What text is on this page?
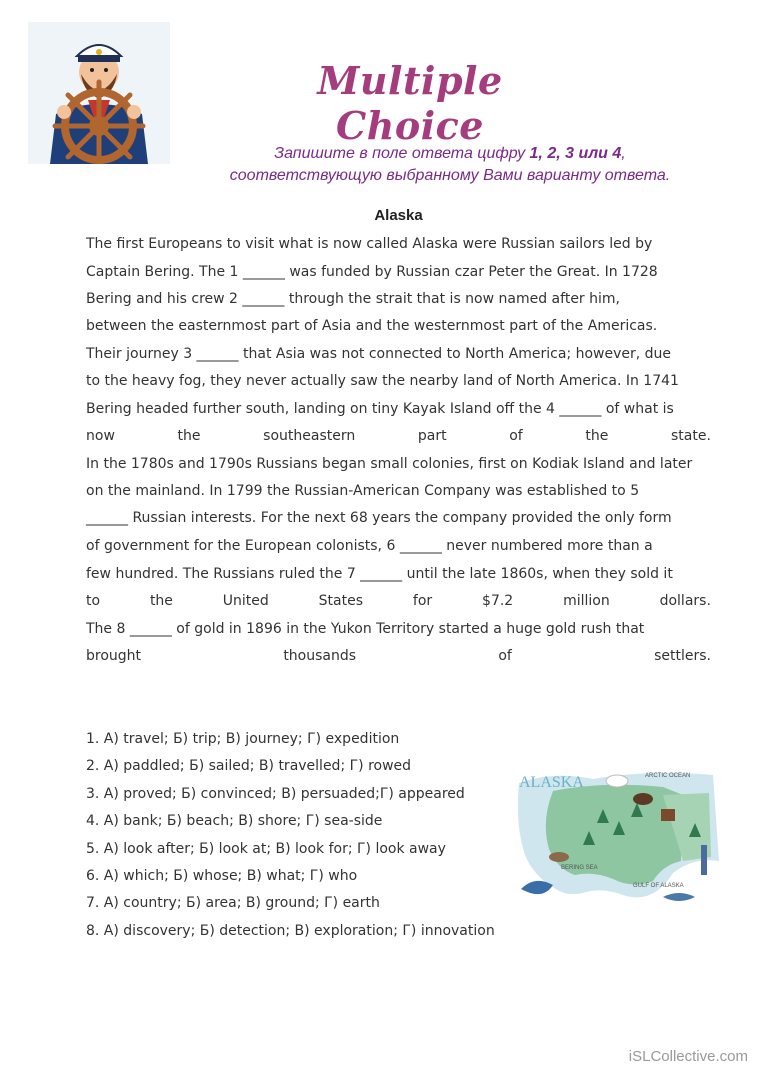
Multiple Choice
Запишите в поле ответа цифру 1, 2, 3 или 4,
соответствующую выбранному Вами варианту ответа.
Alaska
The first Europeans to visit what is now called Alaska were Russian sailors led by
Captain Bering. The 1 ______ was funded by Russian czar Peter the Great. In 1728
Bering and his crew 2 ______ through the strait that is now named after him,
between the easternmost part of Asia and the westernmost part of the Americas.
Their journey 3 ______ that Asia was not connected to North America; however, due
to the heavy fog, they never actually saw the nearby land of North America. In 1741
Bering headed further south, landing on tiny Kayak Island off the 4 ______ of what is
now	the	southeastern	part	of	the	state.
In the 1780s and 1790s Russians began small colonies, first on Kodiak Island and later
on the mainland. In 1799 the Russian-American Company was established to 5
______ Russian interests. For the next 68 years the company provided the only form
of government for the European colonists, 6 ______ never numbered more than a
few hundred. The Russians ruled the 7 ______ until the late 1860s, when they sold it
to	the	United	States	for	$7.2	million	dollars.
The 8 ______ of gold in 1896 in the Yukon Territory started a huge gold rush that
brought	thousands	of	settlers.
1. A) travel; Б) trip; B) journey; Г) expedition
2. A) paddled; Б) sailed; B) travelled; Г) rowed
3. A) proved; Б) convinced; B) persuaded;Г) appeared
4. A) bank; Б) beach; B) shore; Г) sea-side
5. A) look after; Б) look at; B) look for; Г) look away
6. A) which; Б) whose; B) what; Г) who
7. A) country; Б) area; B) ground; Г) earth
8. A) discovery; Б) detection; B) exploration; Г) innovation
ALASKA	ARCTIC OCEAN
BERING SEA
GULF OF ALASKA
iSLCollective.com
